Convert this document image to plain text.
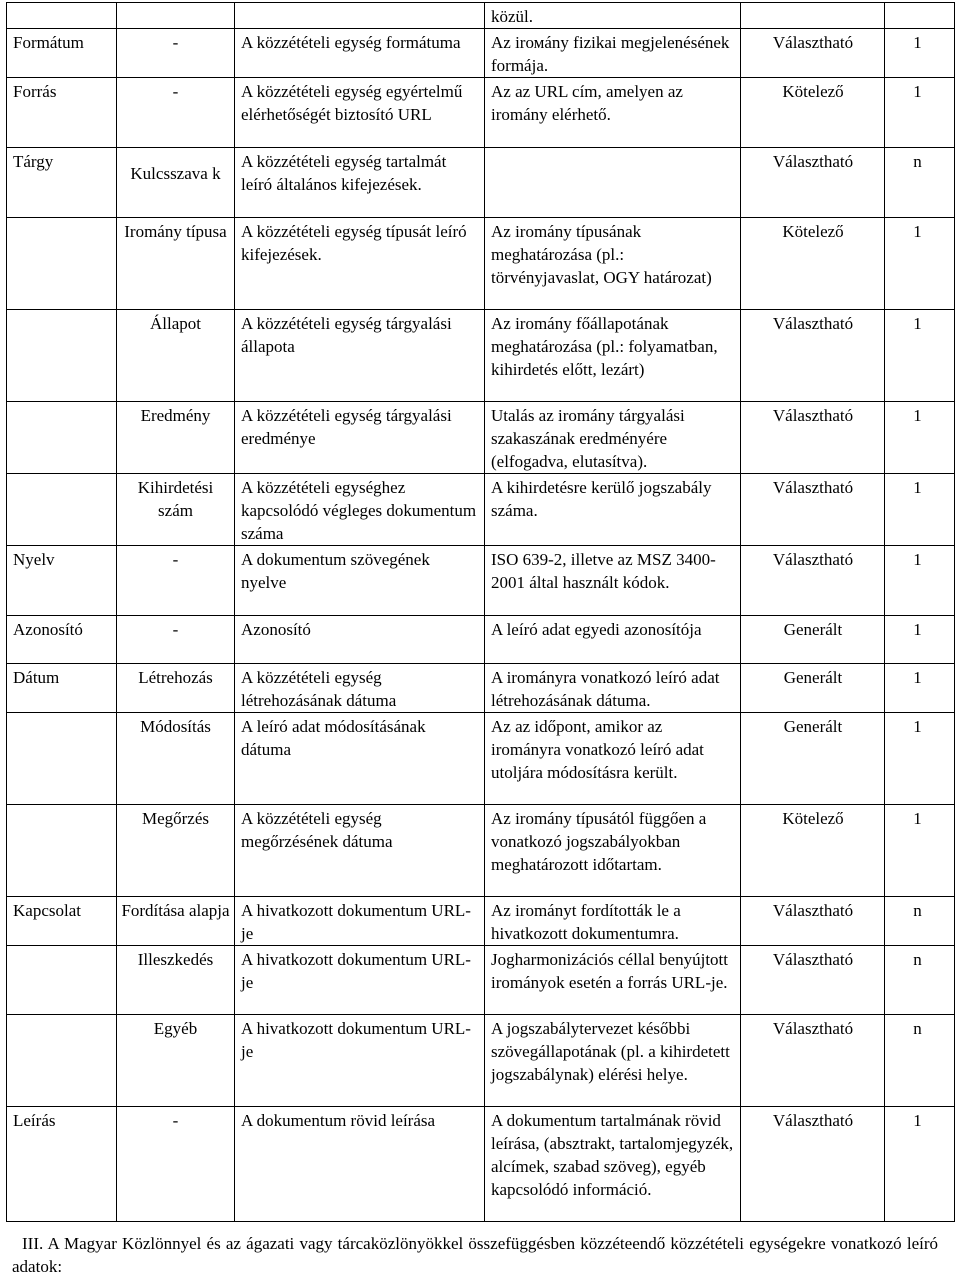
			közül.		
Formátum	-	A közzétételi egység formátuma	Az irомány fizikai megjelenésének formája.	Választható	1
Forrás	-	A közzétételi egység egyértelmű elérhetőségét biztosító URL	Az az URL cím, amelyen az iromány elérhető.	Kötelező	1
Tárgy	Kulcsszava k	A közzétételi egység tartalmát leíró általános kifejezések.		Választható	n
	Iromány típusa	A közzétételi egység típusát leíró kifejezések.	Az iromány típusának meghatározása (pl.: törvényjavaslat, OGY határozat)	Kötelező	1
	Állapot	A közzétételi egység tárgyalási állapota	Az iromány főállapotának meghatározása (pl.: folyamatban, kihirdetés előtt, lezárt)	Választható	1
	Eredmény	A közzétételi egység tárgyalási eredménye	Utalás az iromány tárgyalási szakaszának eredményére (elfogadva, elutasítva).	Választható	1
	Kihirdetési szám	A közzétételi egységhez kapcsolódó végleges dokumentum száma	A kihirdetésre kerülő jogszabály száma.	Választható	1
Nyelv	-	A dokumentum szövegének nyelve	ISO 639-2, illetve az MSZ 3400-2001 által használt kódok.	Választható	1
Azonosító	-	Azonosító	A leíró adat egyedi azonosítója	Generált	1
Dátum	Létrehozás	A közzétételi egység létrehozásának dátuma	A irományra vonatkozó leíró adat létrehozásának dátuma.	Generált	1
	Módosítás	A leíró adat módosításának dátuma	Az az időpont, amikor az irományra vonatkozó leíró adat utoljára módosításra került.	Generált	1
	Megőrzés	A közzétételi egység megőrzésének dátuma	Az iromány típusától függően a vonatkozó jogszabályokban meghatározott időtartam.	Kötelező	1
Kapcsolat	Fordítása alapja	A hivatkozott dokumentum URL-je	Az irományt fordították le a hivatkozott dokumentumra.	Választható	n
	Illeszkedés	A hivatkozott dokumentum URL-je	Jogharmonizációs céllal benyújtott irományok esetén a forrás URL-je.	Választható	n
	Egyéb	A hivatkozott dokumentum URL-je	A jogszabálytervezet későbbi szövegállapotának (pl. a kihirdetett jogszabálynak) elérési helye.	Választható	n
Leírás	-	A dokumentum rövid leírása	A dokumentum tartalmának rövid leírása, (absztrakt, tartalomjegyzék, alcímek, szabad szöveg), egyéb kapcsolódó információ.	Választható	1
III. A Magyar Közlönnyel és az ágazati vagy tárcaközlönyökkel összefüggésben közzéteendő közzétételi egységekre vonatkozó leíró adatok:
